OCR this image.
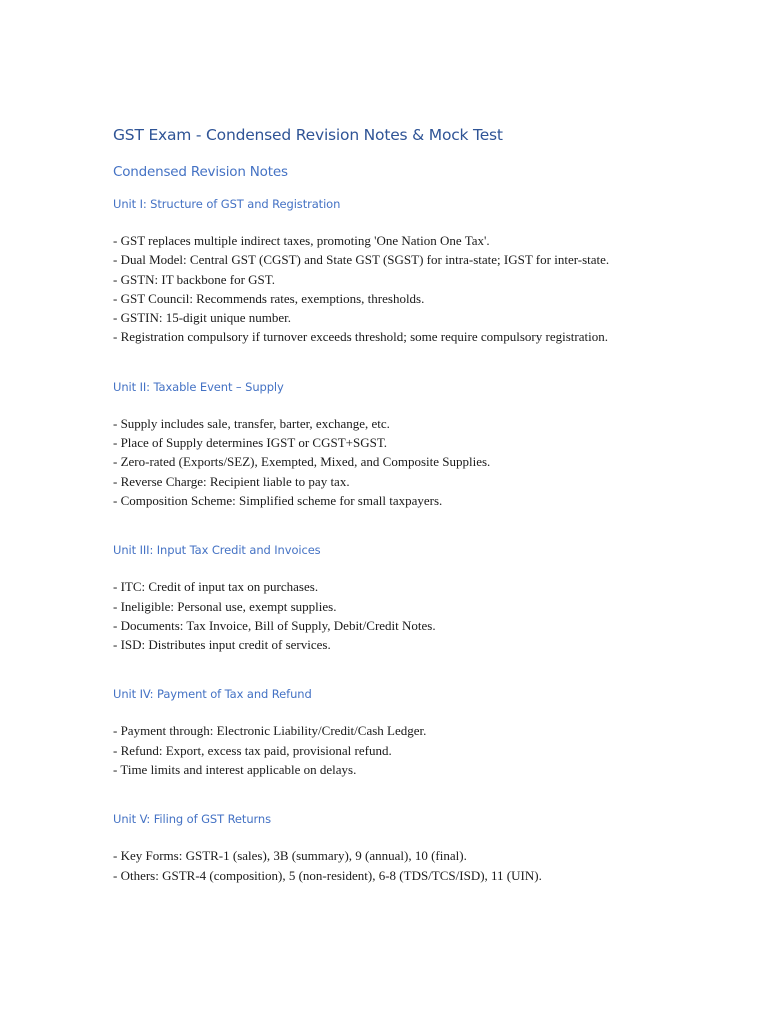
GST Exam - Condensed Revision Notes & Mock Test
Condensed Revision Notes
Unit I: Structure of GST and Registration
- GST replaces multiple indirect taxes, promoting 'One Nation One Tax'.
- Dual Model: Central GST (CGST) and State GST (SGST) for intra-state; IGST for inter-state.
- GSTN: IT backbone for GST.
- GST Council: Recommends rates, exemptions, thresholds.
- GSTIN: 15-digit unique number.
- Registration compulsory if turnover exceeds threshold; some require compulsory registration.
Unit II: Taxable Event – Supply
- Supply includes sale, transfer, barter, exchange, etc.
- Place of Supply determines IGST or CGST+SGST.
- Zero-rated (Exports/SEZ), Exempted, Mixed, and Composite Supplies.
- Reverse Charge: Recipient liable to pay tax.
- Composition Scheme: Simplified scheme for small taxpayers.
Unit III: Input Tax Credit and Invoices
- ITC: Credit of input tax on purchases.
- Ineligible: Personal use, exempt supplies.
- Documents: Tax Invoice, Bill of Supply, Debit/Credit Notes.
- ISD: Distributes input credit of services.
Unit IV: Payment of Tax and Refund
- Payment through: Electronic Liability/Credit/Cash Ledger.
- Refund: Export, excess tax paid, provisional refund.
- Time limits and interest applicable on delays.
Unit V: Filing of GST Returns
- Key Forms: GSTR-1 (sales), 3B (summary), 9 (annual), 10 (final).
- Others: GSTR-4 (composition), 5 (non-resident), 6-8 (TDS/TCS/ISD), 11 (UIN).
